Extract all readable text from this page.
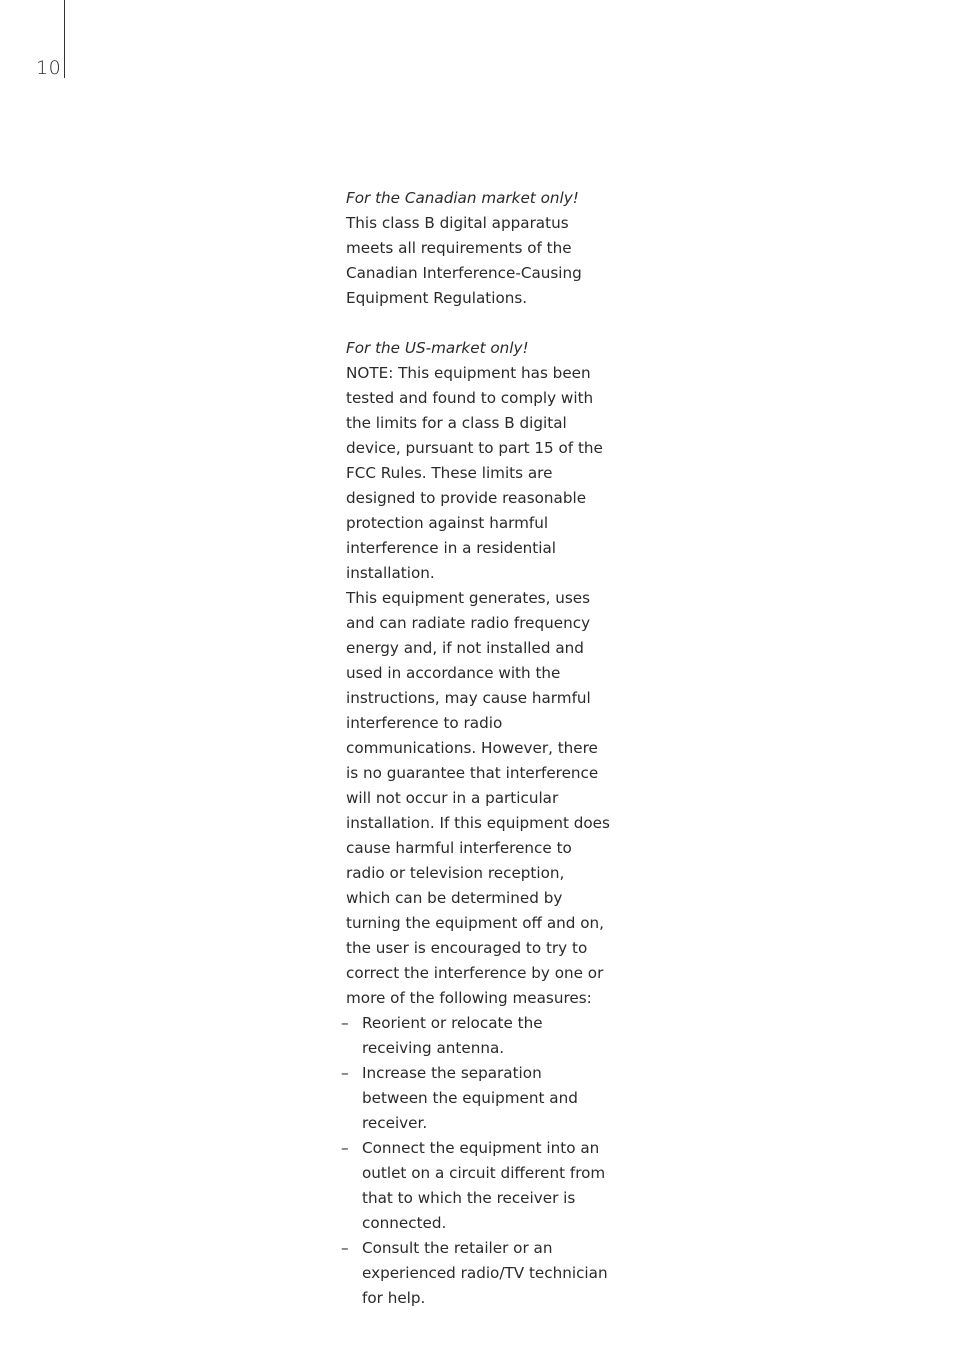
10

For the Canadian market only!

This class B digital apparatus meets all requirements of the Canadian Interference-Causing Equipment Regulations.

For the US-market only!

NOTE: This equipment has been tested and found to comply with the limits for a class B digital device, pursuant to part 15 of the FCC Rules. These limits are designed to provide reasonable protection against harmful interference in a residential installation.

This equipment generates, uses and can radiate radio frequency energy and, if not installed and used in accordance with the instructions, may cause harmful interference to radio communications. However, there is no guarantee that interference will not occur in a particular installation. If this equipment does cause harmful interference to radio or television reception, which can be determined by turning the equipment off and on, the user is encouraged to try to correct the interference by one or more of the following measures:

– Reorient or relocate the receiving antenna.
– Increase the separation between the equipment and receiver.
– Connect the equipment into an outlet on a circuit different from that to which the receiver is connected.
– Consult the retailer or an experienced radio/TV technician for help.
